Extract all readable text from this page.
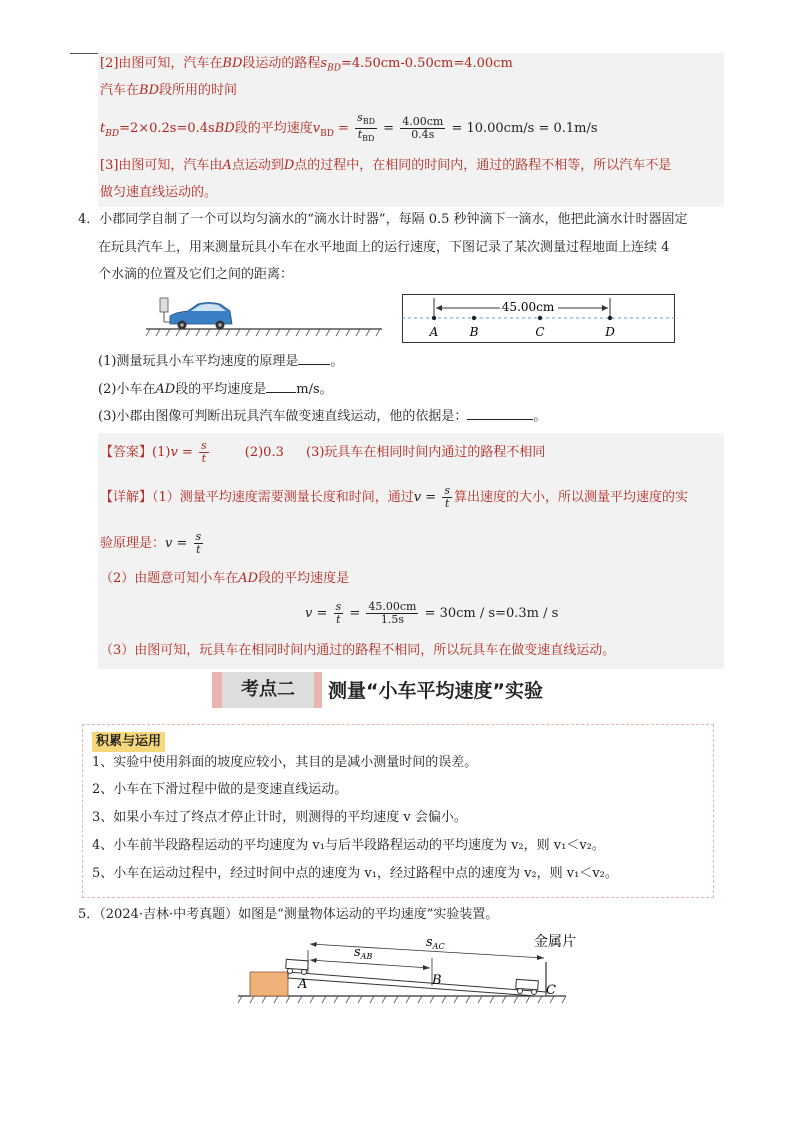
[2]由图可知，汽车在BD段运动的路程$s_{BD}=4.50cm-0.50cm=4.00cm$
汽车在BD段所用的时间
$t_{BD}=2\times 0.2s=0.4sBD$段的平均速度$v_{BD} = \frac{s_{BD}}{t_{BD}} = \frac{4.00cm}{0.4s} = 10.00cm/s = 0.1m/s$
[3]由图可知，汽车由A点运动到D点的过程中，在相同的时间内，通过的路程不相等，所以汽车不是
做匀速直线运动的。
4．小郡同学自制了一个可以均匀滴水的“滴水计时器”，每隔 0.5 秒钟滴下一滴水，他把此滴水计时器固定
在玩具汽车上，用来测量玩具小车在水平地面上的运行速度，下图记录了某次测量过程地面上连续 4
个水滴的位置及它们之间的距离：
45.00cm
A	B	C	D
(1)测量玩具小车平均速度的原理是 。
(2)小车在AD段的平均速度是 m/s。
(3)小郡由图像可判断出玩具汽车做变速直线运动，他的依据是：	。
【答案】$(1)v = \frac{s}{t}$	(2)0.3 (3)玩具车在相同时间内通过的路程不相同
【详解】（1）测量平均速度需要测量长度和时间，通过$v = \frac{s}{t}$ 算出速度的大小，所以测量平均速度的实
验原理是：$v = \frac{s}{t}$
（2）由题意可知小车在AD段的平均速度是
$v = \frac{s}{t} = \frac{45.00cm}{1.5s} = 30cm / s=0.3m / s$
（3）由图可知，玩具车在相同时间内通过的路程不相同，所以玩具车在做变速直线运动。
考点二	测量“小车平均速度”实验
积累与运用
1、实验中使用斜面的坡度应较小，其目的是减小测量时间的误差。
2、小车在下滑过程中做的是变速直线运动。
3、如果小车过了终点才停止计时，则测得的平均速度 v 会偏小。
4、小车前半段路程运动的平均速度为 v₁与后半段路程运动的平均速度为 v₂，则 v₁＜v₂。
5、小车在运动过程中，经过时间中点的速度为 v₁，经过路程中点的速度为 v₂，则 v₁＜v₂。
5．（2024·吉林·中考真题）如图是“测量物体运动的平均速度”实验装置。
$s_{AC}$
$s_{AB}$
金属片
A	B
C
